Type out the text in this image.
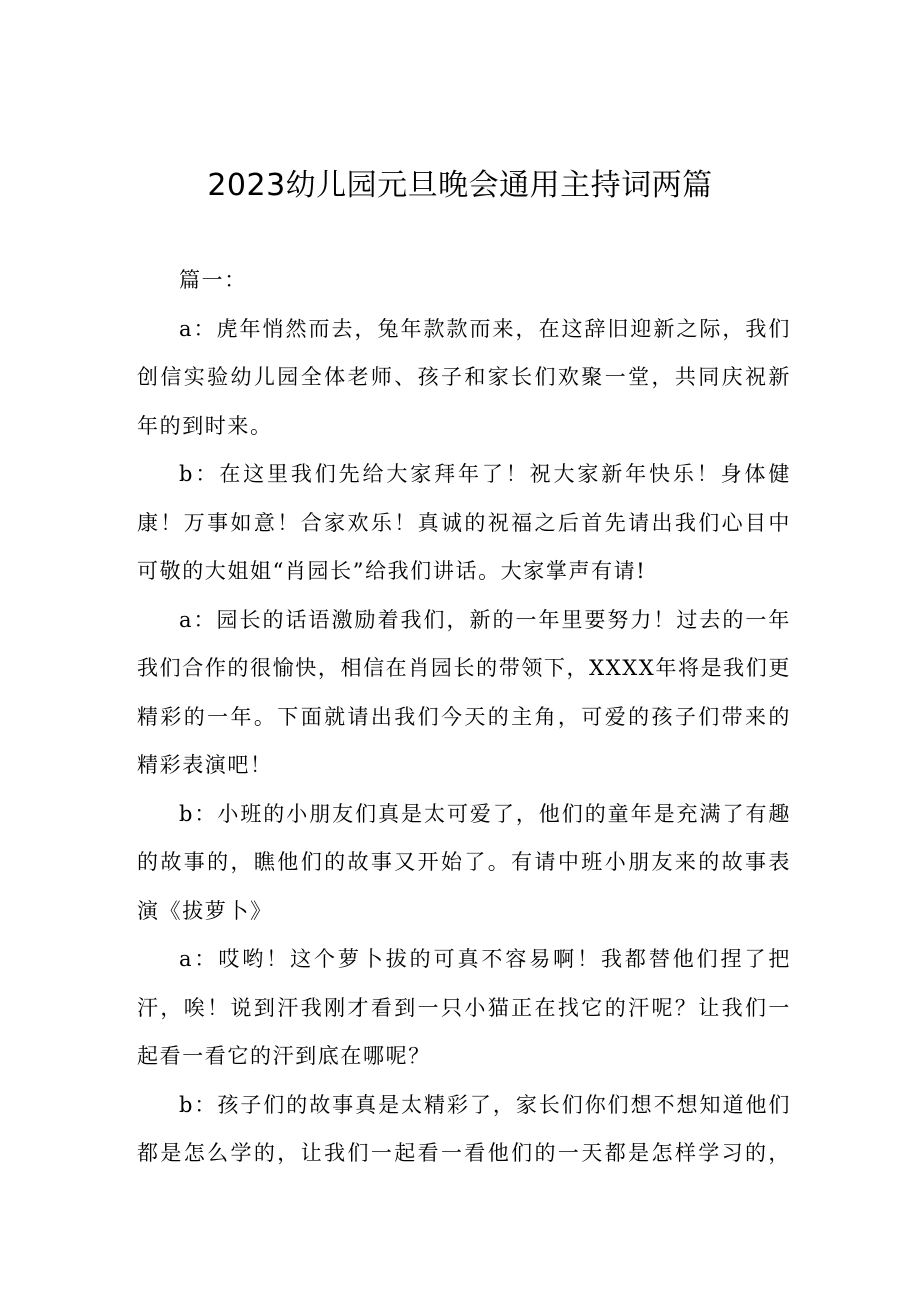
2023幼儿园元旦晚会通用主持词两篇

篇一：

a：虎年悄然而去，兔年款款而来，在这辞旧迎新之际，我们创信实验幼儿园全体老师、孩子和家长们欢聚一堂，共同庆祝新年的到时来。

b：在这里我们先给大家拜年了！祝大家新年快乐！身体健康！万事如意！合家欢乐！真诚的祝福之后首先请出我们心目中可敬的大姐姐“肖园长”给我们讲话。大家掌声有请!

a：园长的话语激励着我们，新的一年里要努力！过去的一年我们合作的很愉快，相信在肖园长的带领下，XXXX年将是我们更精彩的一年。下面就请出我们今天的主角，可爱的孩子们带来的精彩表演吧！

b：小班的小朋友们真是太可爱了，他们的童年是充满了有趣的故事的，瞧他们的故事又开始了。有请中班小朋友来的故事表演《拔萝卜》

a：哎哟！这个萝卜拔的可真不容易啊！我都替他们捏了把汗，唉！说到汗我刚才看到一只小猫正在找它的汗呢？让我们一起看一看它的汗到底在哪呢？

b：孩子们的故事真是太精彩了，家长们你们想不想知道他们都是怎么学的，让我们一起看一看他们的一天都是怎样学习的，
